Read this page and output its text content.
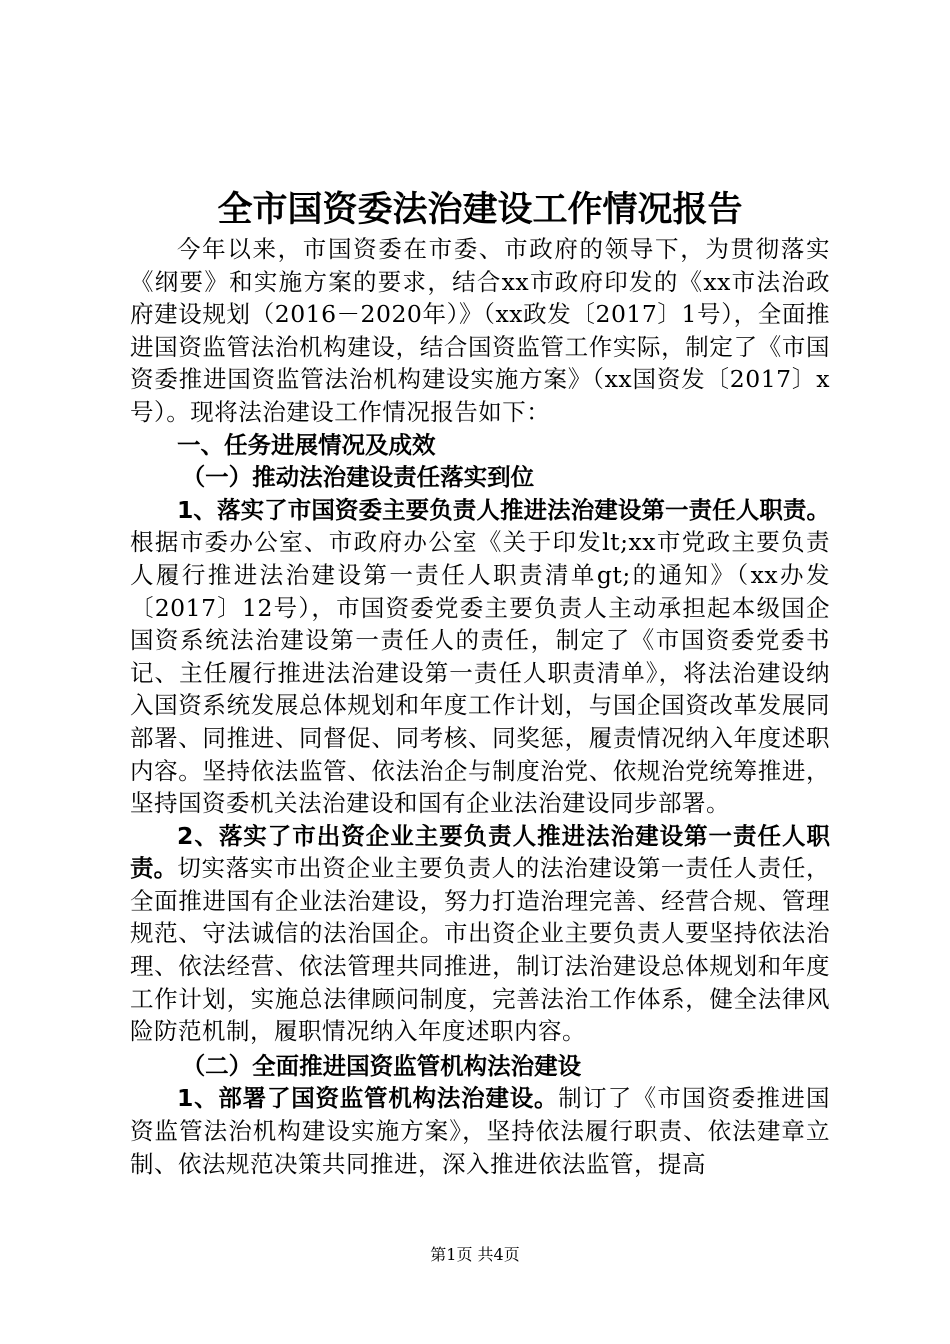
全市国资委法治建设工作情况报告

今年以来，市国资委在市委、市政府的领导下，为贯彻落实《纲要》和实施方案的要求，结合xx市政府印发的《xx市法治政府建设规划（2016－2020年）》（xx政发〔2017〕1号），全面推进国资监管法治机构建设，结合国资监管工作实际，制定了《市国资委推进国资监管法治机构建设实施方案》（xx国资发〔2017〕x号）。现将法治建设工作情况报告如下：

一、任务进展情况及成效

（一）推动法治建设责任落实到位

1、落实了市国资委主要负责人推进法治建设第一责任人职责。根据市委办公室、市政府办公室《关于印发lt;xx市党政主要负责人履行推进法治建设第一责任人职责清单gt;的通知》（xx办发〔2017〕12号），市国资委党委主要负责人主动承担起本级国企国资系统法治建设第一责任人的责任，制定了《市国资委党委书记、主任履行推进法治建设第一责任人职责清单》，将法治建设纳入国资系统发展总体规划和年度工作计划，与国企国资改革发展同部署、同推进、同督促、同考核、同奖惩，履责情况纳入年度述职内容。坚持依法监管、依法治企与制度治党、依规治党统筹推进，坚持国资委机关法治建设和国有企业法治建设同步部署。

2、落实了市出资企业主要负责人推进法治建设第一责任人职责。切实落实市出资企业主要负责人的法治建设第一责任人责任，全面推进国有企业法治建设，努力打造治理完善、经营合规、管理规范、守法诚信的法治国企。市出资企业主要负责人要坚持依法治理、依法经营、依法管理共同推进，制订法治建设总体规划和年度工作计划，实施总法律顾问制度，完善法治工作体系，健全法律风险防范机制，履职情况纳入年度述职内容。

（二）全面推进国资监管机构法治建设

1、部署了国资监管机构法治建设。制订了《市国资委推进国资监管法治机构建设实施方案》，坚持依法履行职责、依法建章立制、依法规范决策共同推进，深入推进依法监管，提高

第1页 共4页
